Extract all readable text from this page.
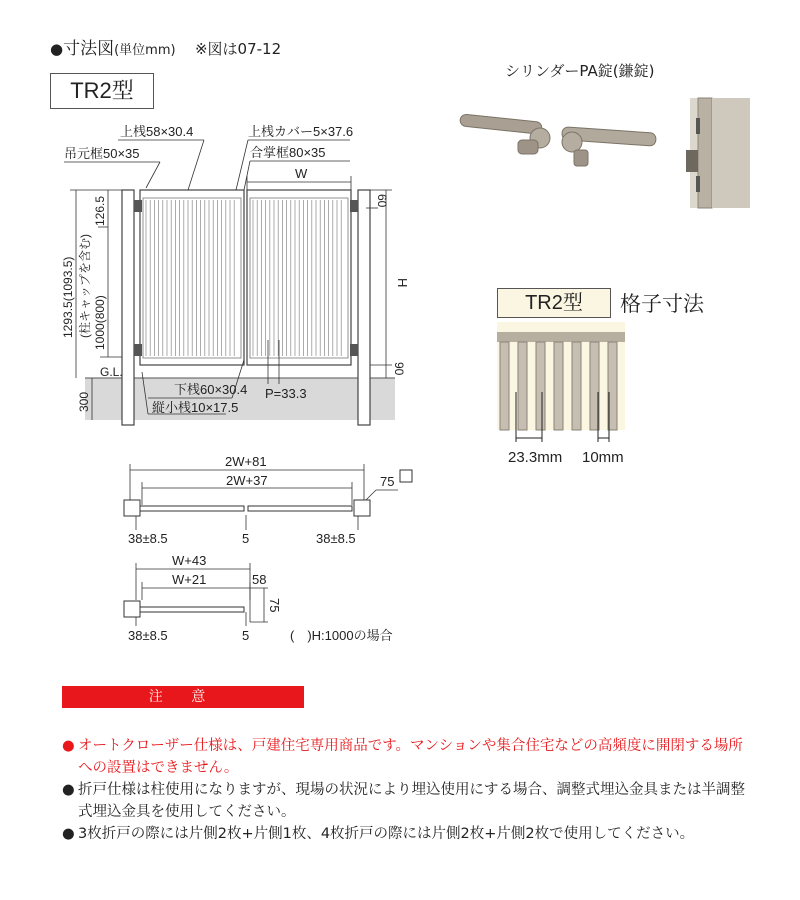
●寸法図(単位mm) ※図は07-12
TR2型
シリンダーPA錠(鎌錠)
上桟58×30.4
吊元框50×35
上桟カバー5×37.6
合掌框80×35
W
H
60
126.5
1293.5(1093.5) (柱キャップを含む) 1000(800)
G.L.	90
300
下桟60×30.4 P=33.3
縦小桟10×17.5
2W+81
2W+37	75
38±8.5	5	38±8.5
W+43
W+21	58
75
38±8.5	5	(　)H:1000の場合
23.3mm 10mm
TR2型	格子寸法
注 意
● オートクローザー仕様は、戸建住宅専用商品です。マンションや集合住宅などの高頻度に開閉する場所への設置はできません。
● 折戸仕様は柱使用になりますが、現場の状況により埋込使用にする場合、調整式埋込金具または半調整式埋込金具を使用してください。
● 3枚折戸の際には片側2枚+片側1枚、4枚折戸の際には片側2枚+片側2枚で使用してください。
